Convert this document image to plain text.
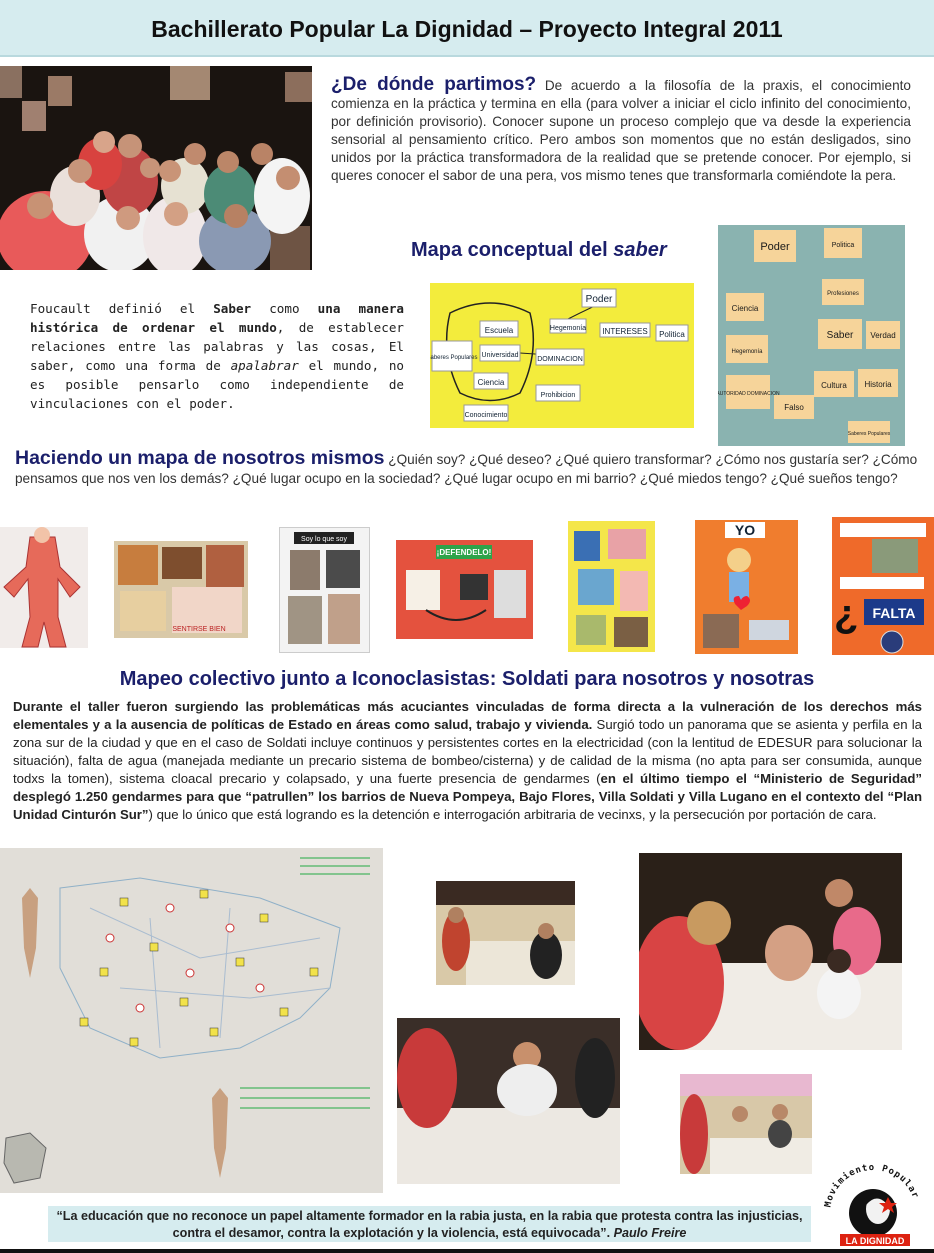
Bachillerato Popular La Dignidad – Proyecto Integral 2011
¿De dónde partimos? De acuerdo a la filosofía de la praxis, el conocimiento comienza en la práctica y termina en ella (para volver a iniciar el ciclo infinito del conocimiento, por definición provisorio). Conocer supone un proceso complejo que va desde la experiencia sensorial al pensamiento crítico. Pero ambos son momentos que no están desligados, sino unidos por la práctica transformadora de la realidad que se pretende conocer. Por ejemplo, si queres conocer el sabor de una pera, vos mismo tenes que transformarla comiéndote la pera.
Mapa conceptual del saber
Foucault definió el Saber como una manera histórica de ordenar el mundo, de establecer relaciones entre las palabras y las cosas, El saber, como una forma de apalabrar el mundo, no es posible pensarlo como independiente de vinculaciones con el poder.
Poder
Escuela	Hegemonía INTERESES Politica
Saberes Populares Universidad
DOMINACION
Ciencia
Prohibicion
Conocimiento
Poder	Politica
Ciencia
Profesiones
Hegemonía
Saber Verdad
Cultura Historia
Falso
AUTORIDAD DOMINACION
Saberes Populares
Haciendo un mapa de nosotros mismos ¿Quién soy? ¿Qué deseo? ¿Qué quiero transformar? ¿Cómo nos gustaría ser? ¿Cómo pensamos que nos ven los demás? ¿Qué lugar ocupo en la sociedad? ¿Qué lugar ocupo en mi barrio? ¿Qué miedos tengo? ¿Qué sueños tengo?
SENTIRSE BIEN
Soy lo que soy
¡DEFENDELO!
YO
¿ FALTA
Mapeo colectivo junto a Iconoclasistas: Soldati para nosotros y nosotras
Durante el taller fueron surgiendo las problemáticas más acuciantes vinculadas de forma directa a la vulneración de los derechos más elementales y a la ausencia de políticas de Estado en áreas como salud, trabajo y vivienda. Surgió todo un panorama que se asienta y perfila en la zona sur de la ciudad y que en el caso de Soldati incluye continuos y persistentes cortes en la electricidad (con la lentitud de EDESUR para solucionar la situación), falta de agua (manejada mediante un precario sistema de bombeo/cisterna) y de calidad de la misma (no apta para ser consumida, aunque todxs la tomen), sistema cloacal precario y colapsado, y una fuerte presencia de gendarmes (en el último tiempo el “Ministerio de Seguridad” desplegó 1.250 gendarmes para que “patrullen” los barrios de Nueva Pompeya, Bajo Flores, Villa Soldati y Villa Lugano en el contexto del “Plan Unidad Cinturón Sur”) que lo único que está logrando es la detención e interrogación arbitraria de vecinxs, y la persecución por portación de cara.
Movimiento Popular
LA DIGNIDAD

“La educación que no reconoce un papel altamente formador en la rabia justa, en la rabia que protesta contra las injusticias, contra el desamor, contra la explotación y la violencia, está equivocada”. Paulo Freire
